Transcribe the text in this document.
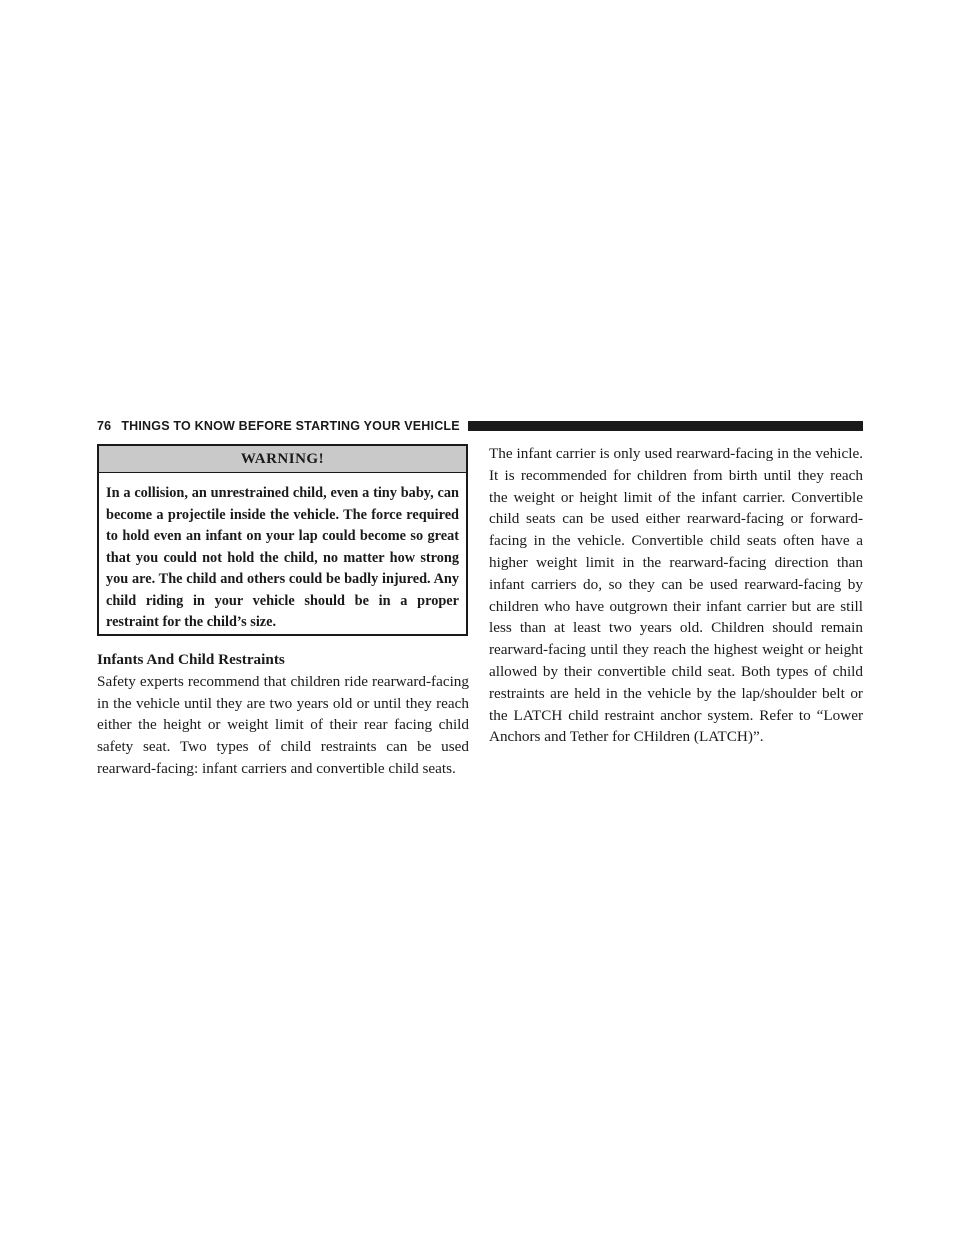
76 THINGS TO KNOW BEFORE STARTING YOUR VEHICLE
WARNING!
In a collision, an unrestrained child, even a tiny baby, can become a projectile inside the vehicle. The force required to hold even an infant on your lap could become so great that you could not hold the child, no matter how strong you are. The child and others could be badly injured. Any child riding in your vehicle should be in a proper restraint for the child’s size.
Infants And Child Restraints

Safety experts recommend that children ride rearward-facing in the vehicle until they are two years old or until they reach either the height or weight limit of their rear facing child safety seat. Two types of child restraints can be used rearward-facing: infant carriers and convertible child seats.

The infant carrier is only used rearward-facing in the vehicle. It is recommended for children from birth until they reach the weight or height limit of the infant carrier. Convertible child seats can be used either rearward-facing or forward-facing in the vehicle. Convertible child seats often have a higher weight limit in the rearward-facing direction than infant carriers do, so they can be used rearward-facing by children who have outgrown their infant carrier but are still less than at least two years old. Children should remain rearward-facing until they reach the highest weight or height allowed by their convertible child seat. Both types of child restraints are held in the vehicle by the lap/shoulder belt or the LATCH child restraint anchor system. Refer to “Lower Anchors and Tether for CHildren (LATCH)”.
